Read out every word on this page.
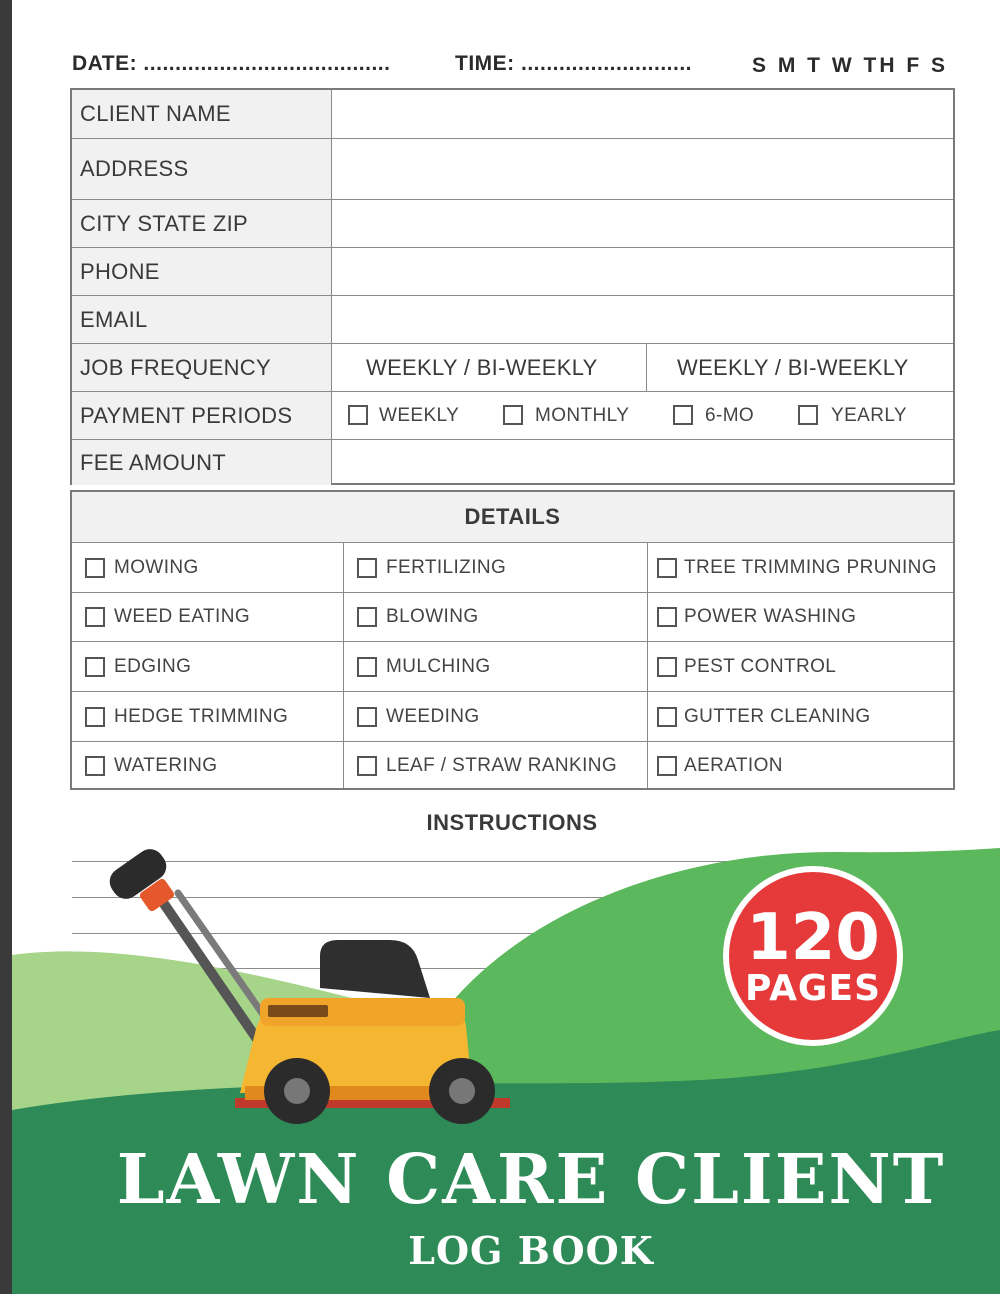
DATE: .......................................	TIME: ...........................	S M T W TH F S
CLIENT NAME
ADDRESS
CITY STATE ZIP
PHONE
EMAIL
JOB FREQUENCY	WEEKLY / BI-WEEKLY	WEEKLY / BI-WEEKLY
PAYMENT PERIODS	WEEKLY	MONTHLY	6-MO	YEARLY
FEE AMOUNT
DETAILS
MOWING	FERTILIZING	TREE TRIMMING PRUNING
WEED EATING	BLOWING	POWER WASHING
EDGING	MULCHING	PEST CONTROL
HEDGE TRIMMING	WEEDING	GUTTER CLEANING
WATERING	LEAF / STRAW RANKING	AERATION
INSTRUCTIONS
120
PAGES
LAWN CARE CLIENT
LOG BOOK
